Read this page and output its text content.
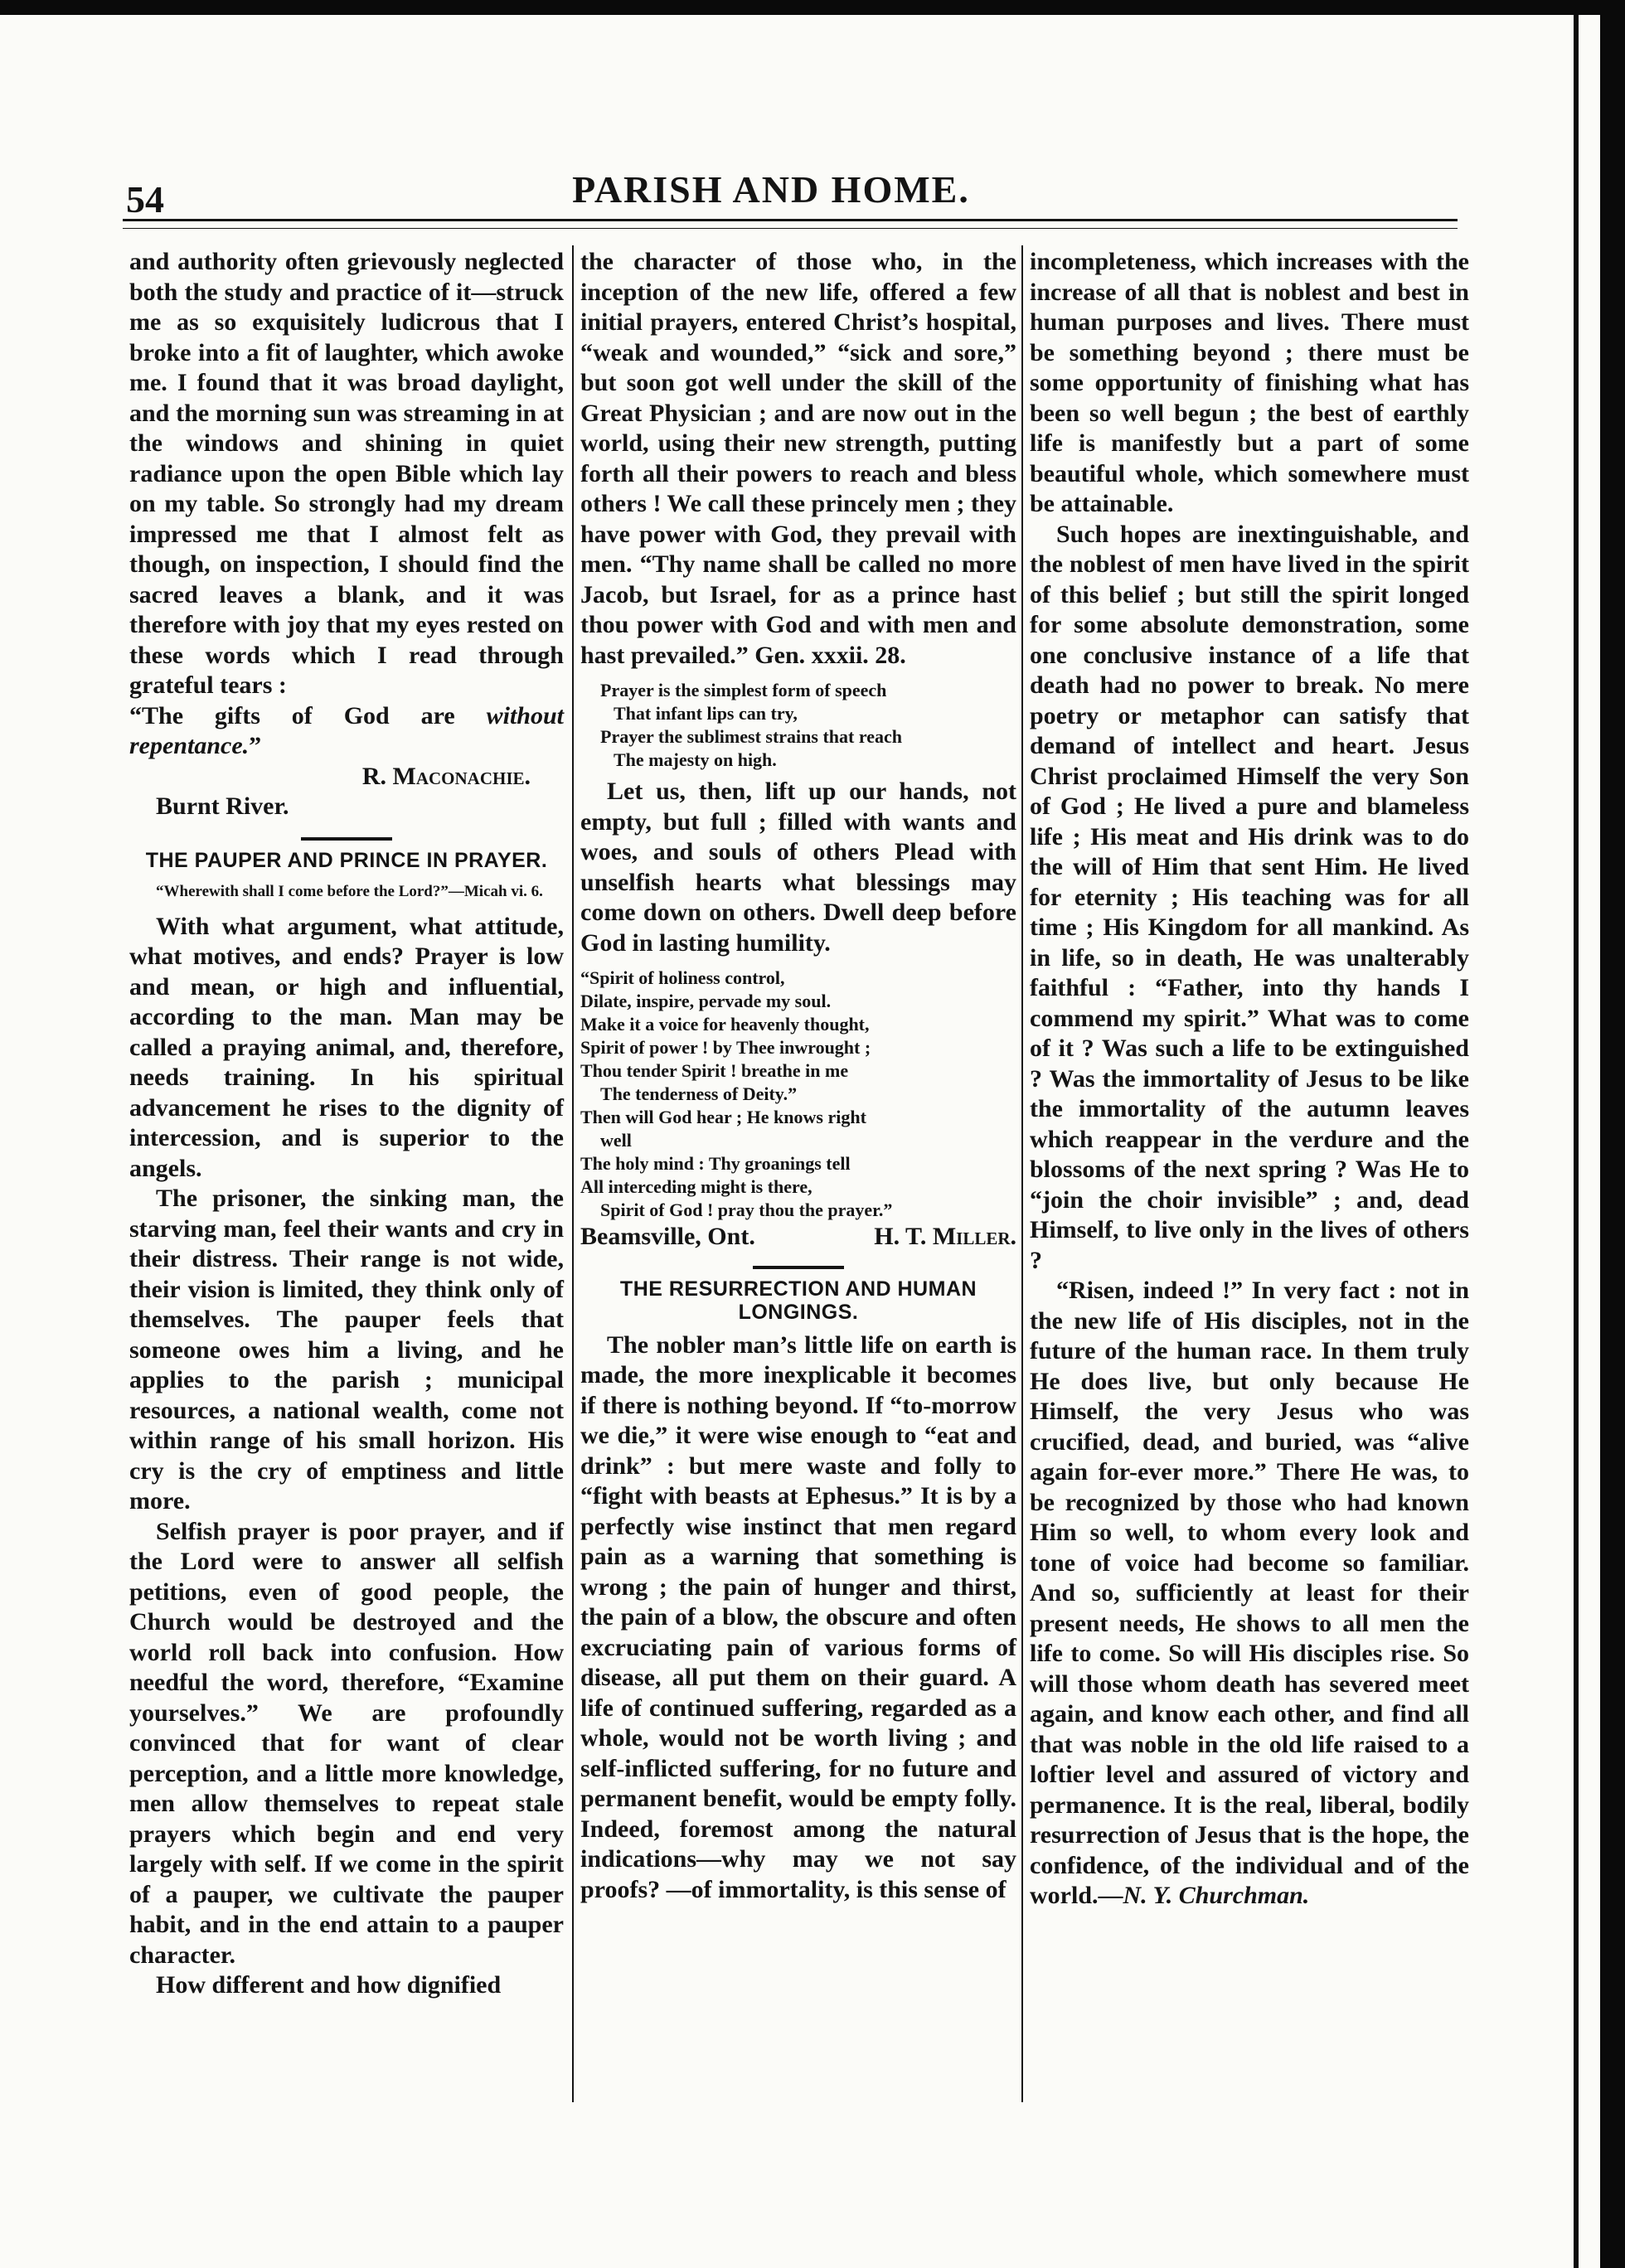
54	PARISH AND HOME.

and authority often grievously neglected both the study and practice of it—struck me as so exquisitely ludicrous that I broke into a fit of laughter, which awoke me. I found that it was broad daylight, and the morning sun was streaming in at the windows and shining in quiet radiance upon the open Bible which lay on my table. So strongly had my dream impressed me that I almost felt as though, on inspection, I should find the sacred leaves a blank, and it was therefore with joy that my eyes rested on these words which I read through grateful tears :

“The gifts of God are without repentance.”

R. Maconachie.
Burnt River.

THE PAUPER AND PRINCE IN PRAYER.

“Wherewith shall I come before the Lord?”—Micah vi. 6.

With what argument, what attitude, what motives, and ends? Prayer is low and mean, or high and influential, according to the man. Man may be called a praying animal, and, therefore, needs training. In his spiritual advancement he rises to the dignity of intercession, and is superior to the angels.

The prisoner, the sinking man, the starving man, feel their wants and cry in their distress. Their range is not wide, their vision is limited, they think only of themselves. The pauper feels that someone owes him a living, and he applies to the parish ; municipal resources, a national wealth, come not within range of his small horizon. His cry is the cry of emptiness and little more.

Selfish prayer is poor prayer, and if the Lord were to answer all selfish petitions, even of good people, the Church would be destroyed and the world roll back into confusion. How needful the word, therefore, “Examine yourselves.” We are profoundly convinced that for want of clear perception, and a little more knowledge, men allow themselves to repeat stale prayers which begin and end very largely with self. If we come in the spirit of a pauper, we cultivate the pauper habit, and in the end attain to a pauper character.

How different and how dignified

the character of those who, in the inception of the new life, offered a few initial prayers, entered Christ’s hospital, “weak and wounded,” “sick and sore,” but soon got well under the skill of the Great Physician ; and are now out in the world, using their new strength, putting forth all their powers to reach and bless others ! We call these princely men ; they have power with God, they prevail with men. “Thy name shall be called no more Jacob, but Israel, for as a prince hast thou power with God and with men and hast prevailed.” Gen. xxxii. 28.

Prayer is the simplest form of speech

That infant lips can try,

Prayer the sublimest strains that reach

The majesty on high.

Let us, then, lift up our hands, not empty, but full ; filled with wants and woes, and souls of others Plead with unselfish hearts what blessings may come down on others. Dwell deep before God in lasting humility.

“Spirit of holiness control,

Dilate, inspire, pervade my soul.

Make it a voice for heavenly thought,

Spirit of power ! by Thee inwrought ;

Thou tender Spirit ! breathe in me

The tenderness of Deity.”

Then will God hear ; He knows right

well

The holy mind : Thy groanings tell

All interceding might is there,

Spirit of God ! pray thou the prayer.”

Beamsville, Ont.	H. T. Miller.

THE RESURRECTION AND HUMAN LONGINGS.

The nobler man’s little life on earth is made, the more inexplicable it becomes if there is nothing beyond. If “to-morrow we die,” it were wise enough to “eat and drink” : but mere waste and folly to “fight with beasts at Ephesus.” It is by a perfectly wise instinct that men regard pain as a warning that something is wrong ; the pain of hunger and thirst, the pain of a blow, the obscure and often excruciating pain of various forms of disease, all put them on their guard. A life of continued suffering, regarded as a whole, would not be worth living ; and self-inflicted suffering, for no future and permanent benefit, would be empty folly. Indeed, foremost among the natural indications—why may we not say proofs? —of immortality, is this sense of

incompleteness, which increases with the increase of all that is noblest and best in human purposes and lives. There must be something beyond ; there must be some opportunity of finishing what has been so well begun ; the best of earthly life is manifestly but a part of some beautiful whole, which somewhere must be attainable.

Such hopes are inextinguishable, and the noblest of men have lived in the spirit of this belief ; but still the spirit longed for some absolute demonstration, some one conclusive instance of a life that death had no power to break. No mere poetry or metaphor can satisfy that demand of intellect and heart. Jesus Christ proclaimed Himself the very Son of God ; He lived a pure and blameless life ; His meat and His drink was to do the will of Him that sent Him. He lived for eternity ; His teaching was for all time ; His Kingdom for all mankind. As in life, so in death, He was unalterably faithful : “Father, into thy hands I commend my spirit.” What was to come of it ? Was such a life to be extinguished ? Was the immortality of Jesus to be like the immortality of the autumn leaves which reappear in the verdure and the blossoms of the next spring ? Was He to “join the choir invisible” ; and, dead Himself, to live only in the lives of others ?

“Risen, indeed !” In very fact : not in the new life of His disciples, not in the future of the human race. In them truly He does live, but only because He Himself, the very Jesus who was crucified, dead, and buried, was “alive again for-ever more.” There He was, to be recognized by those who had known Him so well, to whom every look and tone of voice had become so familiar. And so, sufficiently at least for their present needs, He shows to all men the life to come. So will His disciples rise. So will those whom death has severed meet again, and know each other, and find all that was noble in the old life raised to a loftier level and assured of victory and permanence. It is the real, liberal, bodily resurrection of Jesus that is the hope, the confidence, of the individual and of the world.—N. Y. Churchman.
